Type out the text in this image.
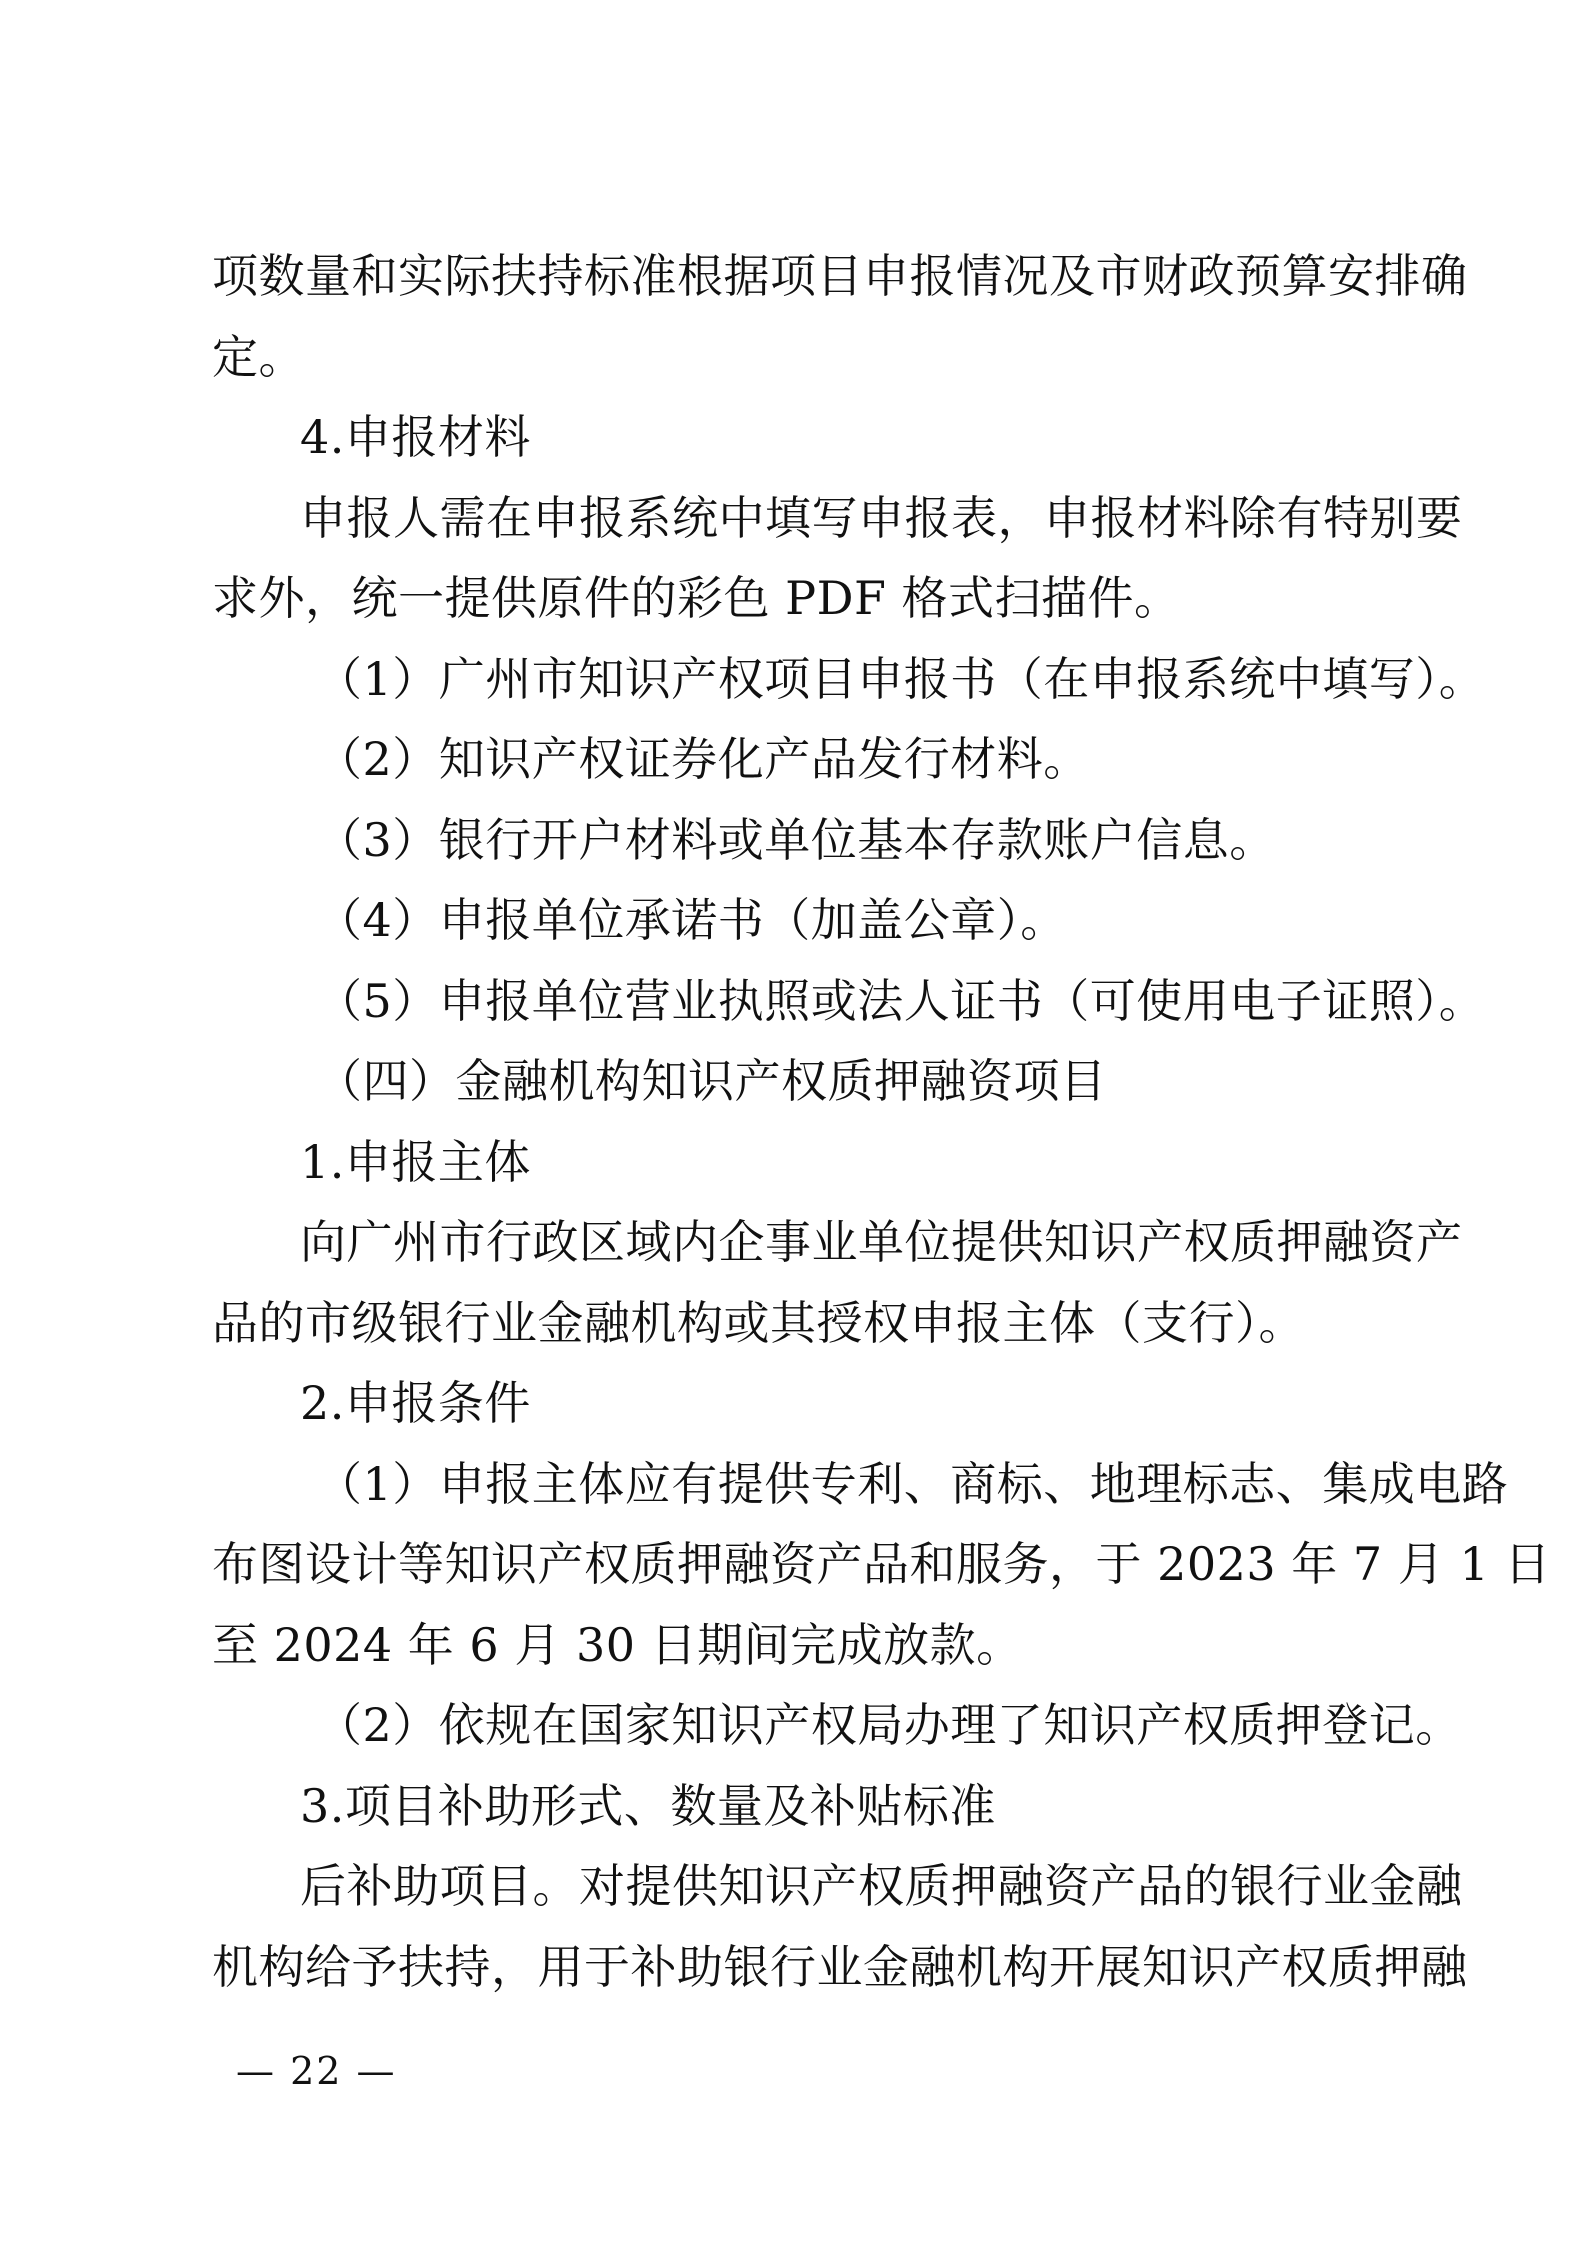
项数量和实际扶持标准根据项目申报情况及市财政预算安排确
定。
4.申报材料
申报人需在申报系统中填写申报表，申报材料除有特别要
求外，统一提供原件的彩色 PDF 格式扫描件。
（1）广州市知识产权项目申报书（在申报系统中填写）。
（2）知识产权证券化产品发行材料。
（3）银行开户材料或单位基本存款账户信息。
（4）申报单位承诺书（加盖公章）。
（5）申报单位营业执照或法人证书（可使用电子证照）。
（四）金融机构知识产权质押融资项目
1.申报主体
向广州市行政区域内企事业单位提供知识产权质押融资产
品的市级银行业金融机构或其授权申报主体（支行）。
2.申报条件
（1）申报主体应有提供专利、商标、地理标志、集成电路
布图设计等知识产权质押融资产品和服务，于 2023 年 7 月 1 日
至 2024 年 6 月 30 日期间完成放款。
（2）依规在国家知识产权局办理了知识产权质押登记。
3.项目补助形式、数量及补贴标准
后补助项目。对提供知识产权质押融资产品的银行业金融
机构给予扶持，用于补助银行业金融机构开展知识产权质押融
— 22 —
